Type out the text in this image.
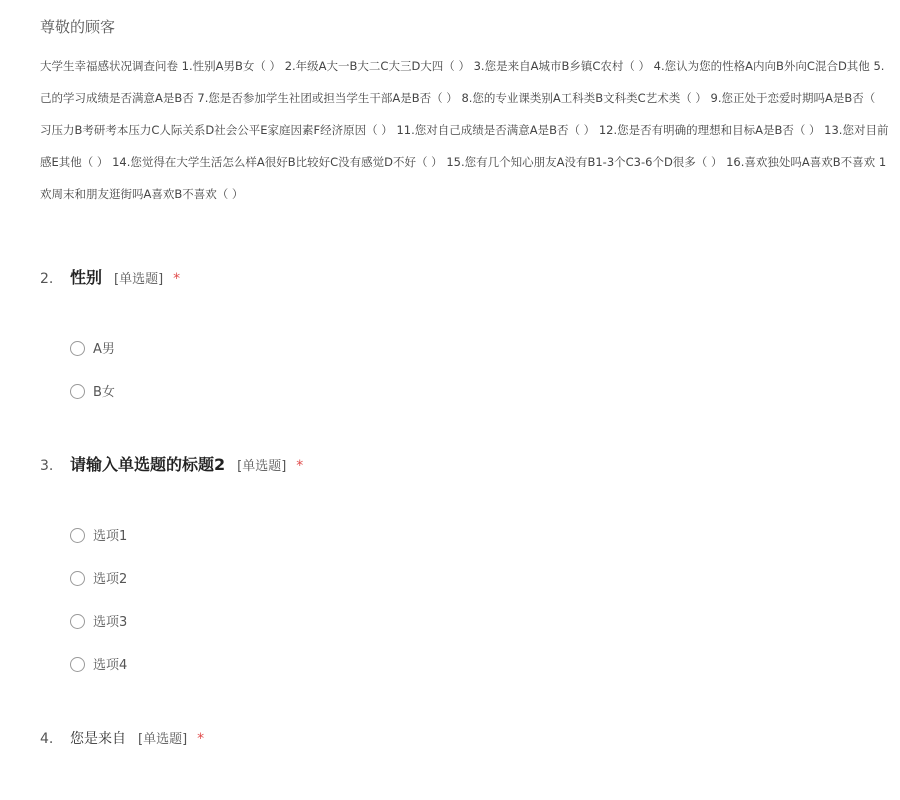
尊敬的顾客
大学生幸福感状况调查问卷 1.性别A男B女（ ） 2.年级A大一B大二C大三D大四（ ） 3.您是来自A城市B乡镇C农村（ ） 4.您认为您的性格A内向B外向C混合D其他 5.
己的学习成绩是否满意A是B否 7.您是否参加学生社团或担当学生干部A是B否（ ） 8.您的专业课类别A工科类B文科类C艺术类（ ） 9.您正处于恋爱时期吗A是B否（
习压力B考研考本压力C人际关系D社会公平E家庭因素F经济原因（ ） 11.您对自己成绩是否满意A是B否（ ） 12.您是否有明确的理想和目标A是B否（ ） 13.您对目前
感E其他（ ） 14.您觉得在大学生活怎么样A很好B比较好C没有感觉D不好（ ） 15.您有几个知心朋友A没有B1-3个C3-6个D很多（ ） 16.喜欢独处吗A喜欢B不喜欢 1
欢周末和朋友逛街吗A喜欢B不喜欢（ ）
2. 性别 [单选题] *
A男
B女
3. 请输入单选题的标题2 [单选题] *
选项1
选项2
选项3
选项4
4. 您是来自 [单选题] *
